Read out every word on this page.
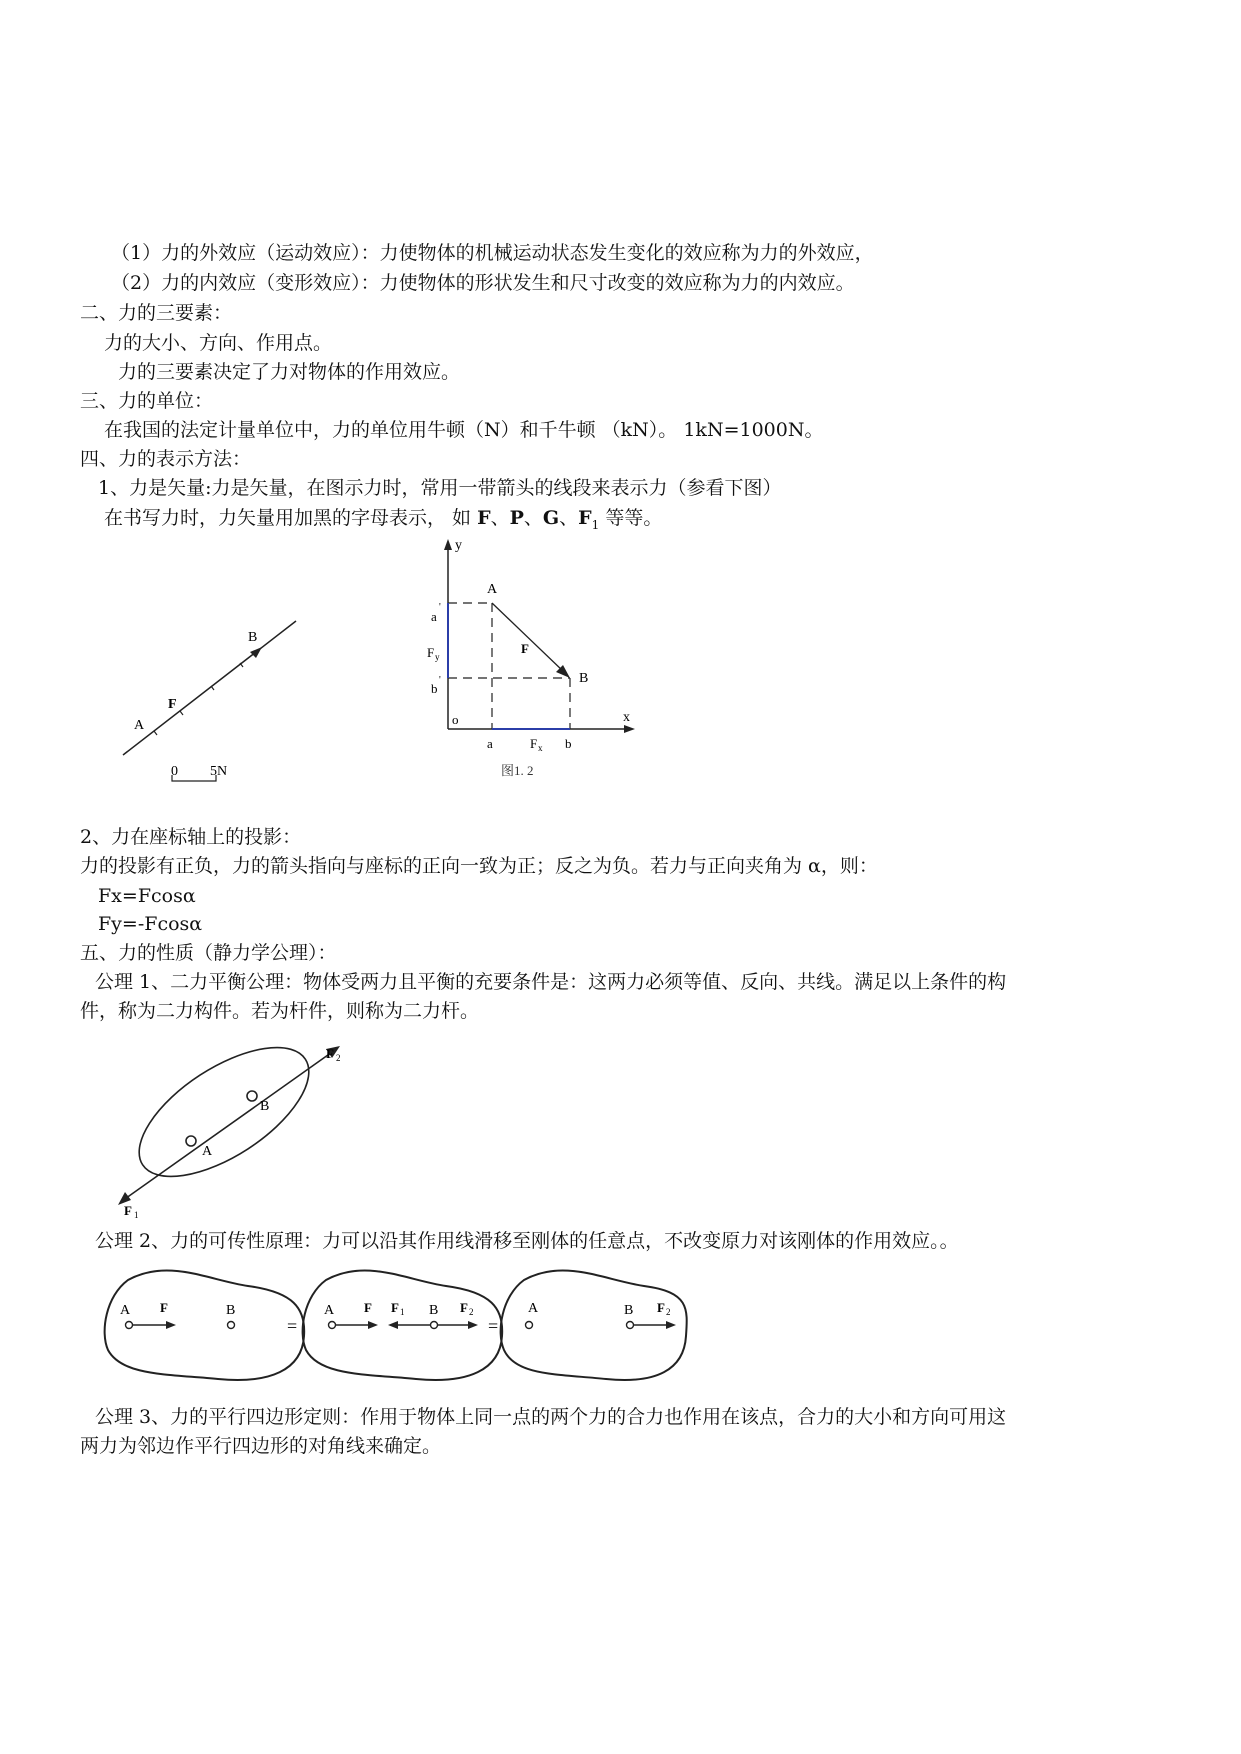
（1）力的外效应（运动效应）：力使物体的机械运动状态发生变化的效应称为力的外效应，
（2）力的内效应（变形效应）：力使物体的形状发生和尺寸改变的效应称为力的内效应。
二、力的三要素：
力的大小、方向、作用点。
力的三要素决定了力对物体的作用效应。
三、力的单位：
在我国的法定计量单位中，力的单位用牛顿（N）和千牛顿 （kN）。 1kN=1000N。
四、力的表示方法：
1、力是矢量:力是矢量，在图示力时，常用一带箭头的线段来表示力（参看下图）
在书写力时，力矢量用加黑的字母表示， 如 F、P、G、$F_1$ 等等。
A
B
F
0 5N
y
x
o
A
B
a
'
b
'
F y
F
a	b
F x
图1. 2
2、力在座标轴上的投影：
力的投影有正负，力的箭头指向与座标的正向一致为正；反之为负。若力与正向夹角为 α，则：
Fx=Fcosα
Fy=-Fcosα
五、力的性质（静力学公理）：
公理 1、二力平衡公理：物体受两力且平衡的充要条件是：这两力必须等值、反向、共线。满足以上条件的构
件，称为二力构件。若为杆件，则称为二力杆。
A
B
F 2
F 1
公理 2、力的可传性原理：力可以沿其作用线滑移至刚体的任意点，不改变原力对该刚体的作用效应。。
A F	B
=
A F F 1 B F 2
=
A	B F 2
公理 3、力的平行四边形定则：作用于物体上同一点的两个力的合力也作用在该点，合力的大小和方向可用这
两力为邻边作平行四边形的对角线来确定。
